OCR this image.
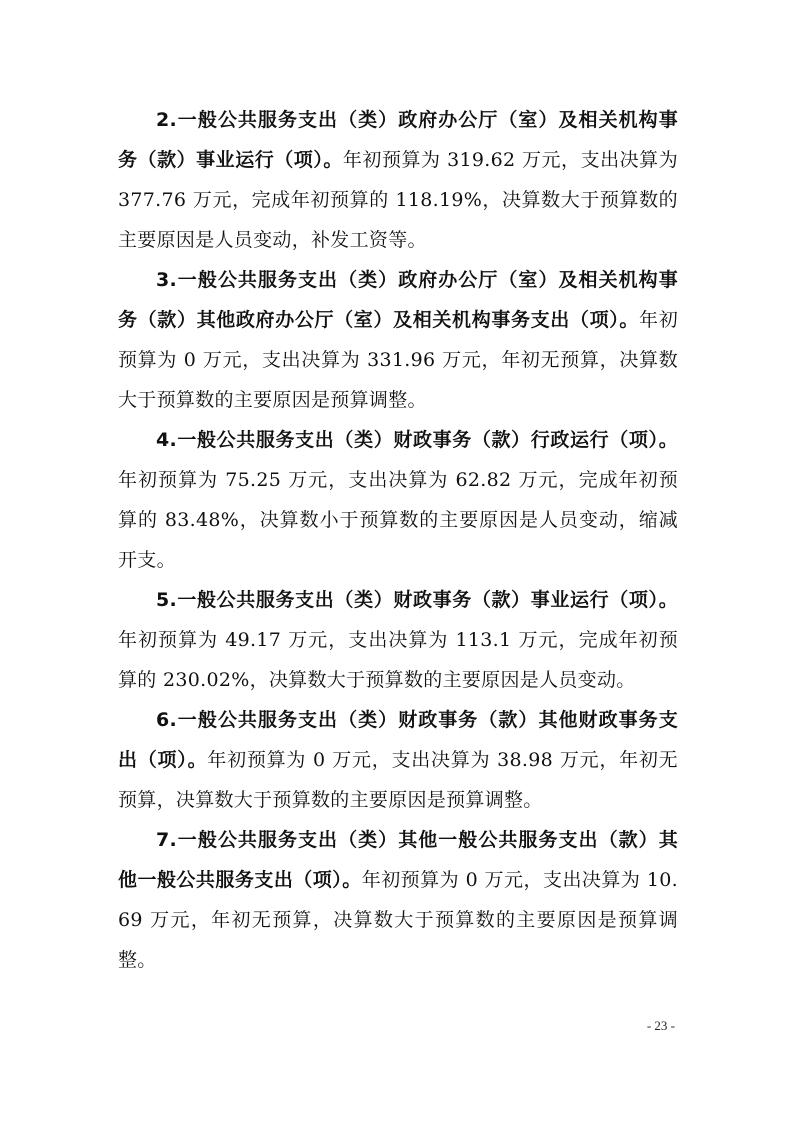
2.一般公共服务支出（类）政府办公厅（室）及相关机构事务（款）事业运行（项）。年初预算为 319.62 万元，支出决算为 377.76 万元，完成年初预算的 118.19%，决算数大于预算数的主要原因是人员变动，补发工资等。

3.一般公共服务支出（类）政府办公厅（室）及相关机构事务（款）其他政府办公厅（室）及相关机构事务支出（项）。年初预算为 0 万元，支出决算为 331.96 万元，年初无预算，决算数大于预算数的主要原因是预算调整。

4.一般公共服务支出（类）财政事务（款）行政运行（项）。年初预算为 75.25 万元，支出决算为 62.82 万元，完成年初预算的 83.48%，决算数小于预算数的主要原因是人员变动，缩减开支。

5.一般公共服务支出（类）财政事务（款）事业运行（项）。年初预算为 49.17 万元，支出决算为 113.1 万元，完成年初预算的 230.02%，决算数大于预算数的主要原因是人员变动。

6.一般公共服务支出（类）财政事务（款）其他财政事务支出（项）。年初预算为 0 万元，支出决算为 38.98 万元，年初无预算，决算数大于预算数的主要原因是预算调整。

7.一般公共服务支出（类）其他一般公共服务支出（款）其他一般公共服务支出（项）。年初预算为 0 万元，支出决算为 10.69 万元，年初无预算，决算数大于预算数的主要原因是预算调整。

- 23 -
